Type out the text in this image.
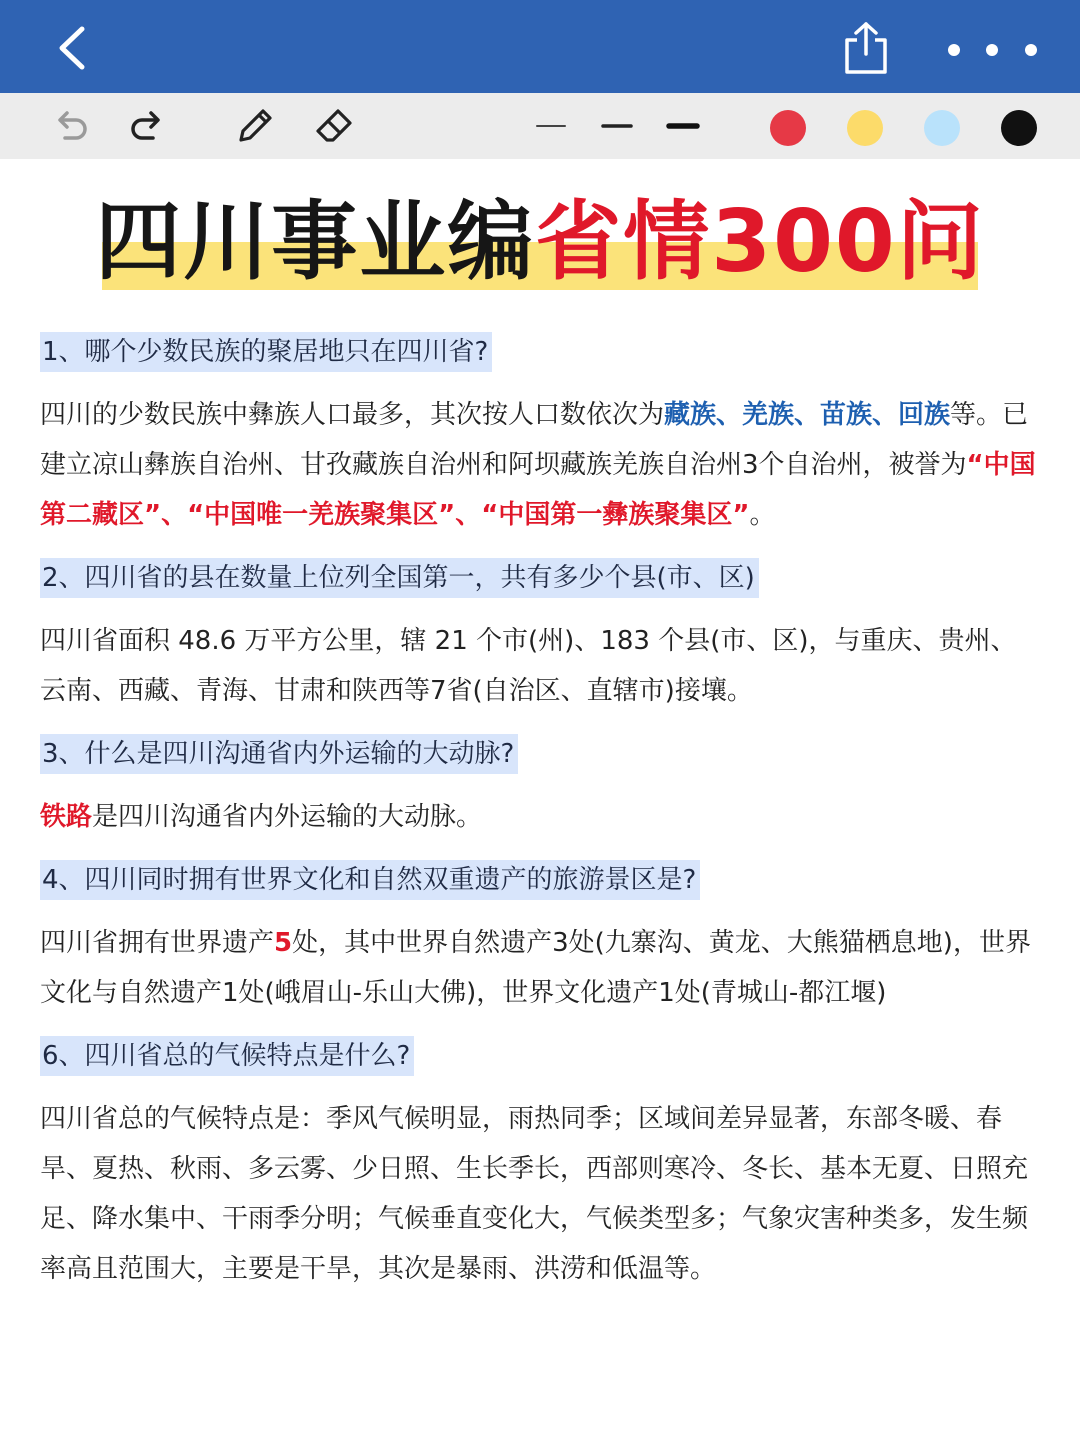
四川事业编省情300问
1、哪个少数民族的聚居地只在四川省?
四川的少数民族中彝族人口最多，其次按人口数依次为藏族、羌族、苗族、回族等。已建立凉山彝族自治州、甘孜藏族自治州和阿坝藏族羌族自治州3个自治州，被誉为“中国第二藏区”、“中国唯一羌族聚集区”、“中国第一彝族聚集区”。
2、四川省的县在数量上位列全国第一，共有多少个县(市、区)
四川省面积 48.6 万平方公里，辖 21 个市(州)、183 个县(市、区)，与重庆、贵州、云南、西藏、青海、甘肃和陕西等7省(自治区、直辖市)接壤。
3、什么是四川沟通省内外运输的大动脉?
铁路是四川沟通省内外运输的大动脉。
4、四川同时拥有世界文化和自然双重遗产的旅游景区是?
四川省拥有世界遗产5处，其中世界自然遗产3处(九寨沟、黄龙、大熊猫栖息地)，世界文化与自然遗产1处(峨眉山-乐山大佛)，世界文化遗产1处(青城山-都江堰)
6、四川省总的气候特点是什么?
四川省总的气候特点是：季风气候明显，雨热同季；区域间差异显著，东部冬暖、春旱、夏热、秋雨、多云雾、少日照、生长季长，西部则寒冷、冬长、基本无夏、日照充足、降水集中、干雨季分明；气候垂直变化大，气候类型多；气象灾害种类多，发生频率高且范围大，主要是干旱，其次是暴雨、洪涝和低温等。
